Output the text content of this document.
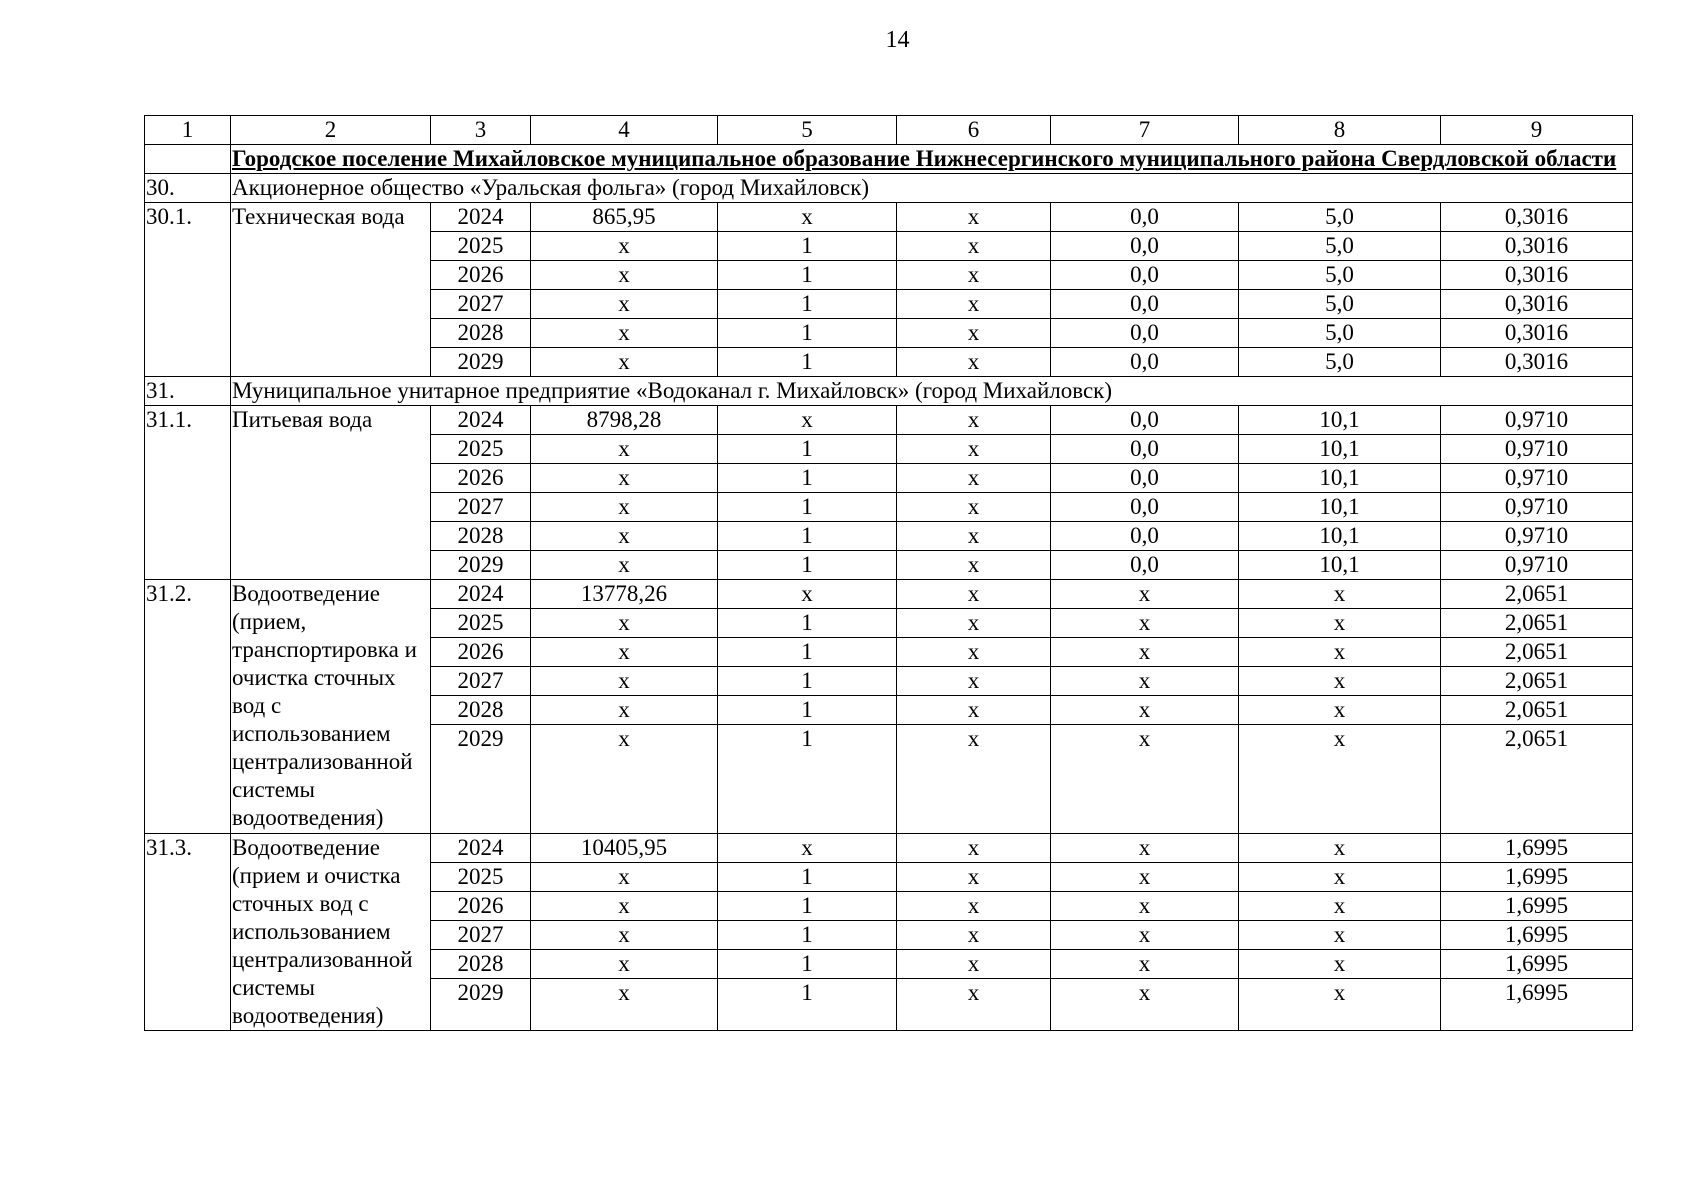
14
1	2	3	4	5	6	7	8	9
	Городское поселение Михайловское муниципальное образование Нижнесергинского муниципального района Свердловской области							
30.	Акционерное общество «Уральская фольга» (город Михайловск)							
30.1.	Техническая вода	2024	865,95	х	х	0,0	5,0	0,3016
		2025	х	1	х	0,0	5,0	0,3016
		2026	х	1	х	0,0	5,0	0,3016
		2027	х	1	х	0,0	5,0	0,3016
		2028	х	1	х	0,0	5,0	0,3016
		2029	х	1	х	0,0	5,0	0,3016
31.	Муниципальное унитарное предприятие «Водоканал г. Михайловск» (город Михайловск)							
31.1.	Питьевая вода	2024	8798,28	х	х	0,0	10,1	0,9710
		2025	х	1	х	0,0	10,1	0,9710
		2026	х	1	х	0,0	10,1	0,9710
		2027	х	1	х	0,0	10,1	0,9710
		2028	х	1	х	0,0	10,1	0,9710
		2029	х	1	х	0,0	10,1	0,9710
31.2.	Водоотведение (прием, транспортировка и очистка сточных вод с использованием централизованной системы водоотведения)	2024	13778,26	х	х	х	х	2,0651
		2025	х	1	х	х	х	2,0651
		2026	х	1	х	х	х	2,0651
		2027	х	1	х	х	х	2,0651
		2028	х	1	х	х	х	2,0651
		2029	х	1	х	х	х	2,0651
31.3.	Водоотведение (прием и очистка сточных вод с использованием централизованной системы водоотведения)	2024	10405,95	х	х	х	х	1,6995
		2025	х	1	х	х	х	1,6995
		2026	х	1	х	х	х	1,6995
		2027	х	1	х	х	х	1,6995
		2028	х	1	х	х	х	1,6995
		2029	х	1	х	х	х	1,6995
